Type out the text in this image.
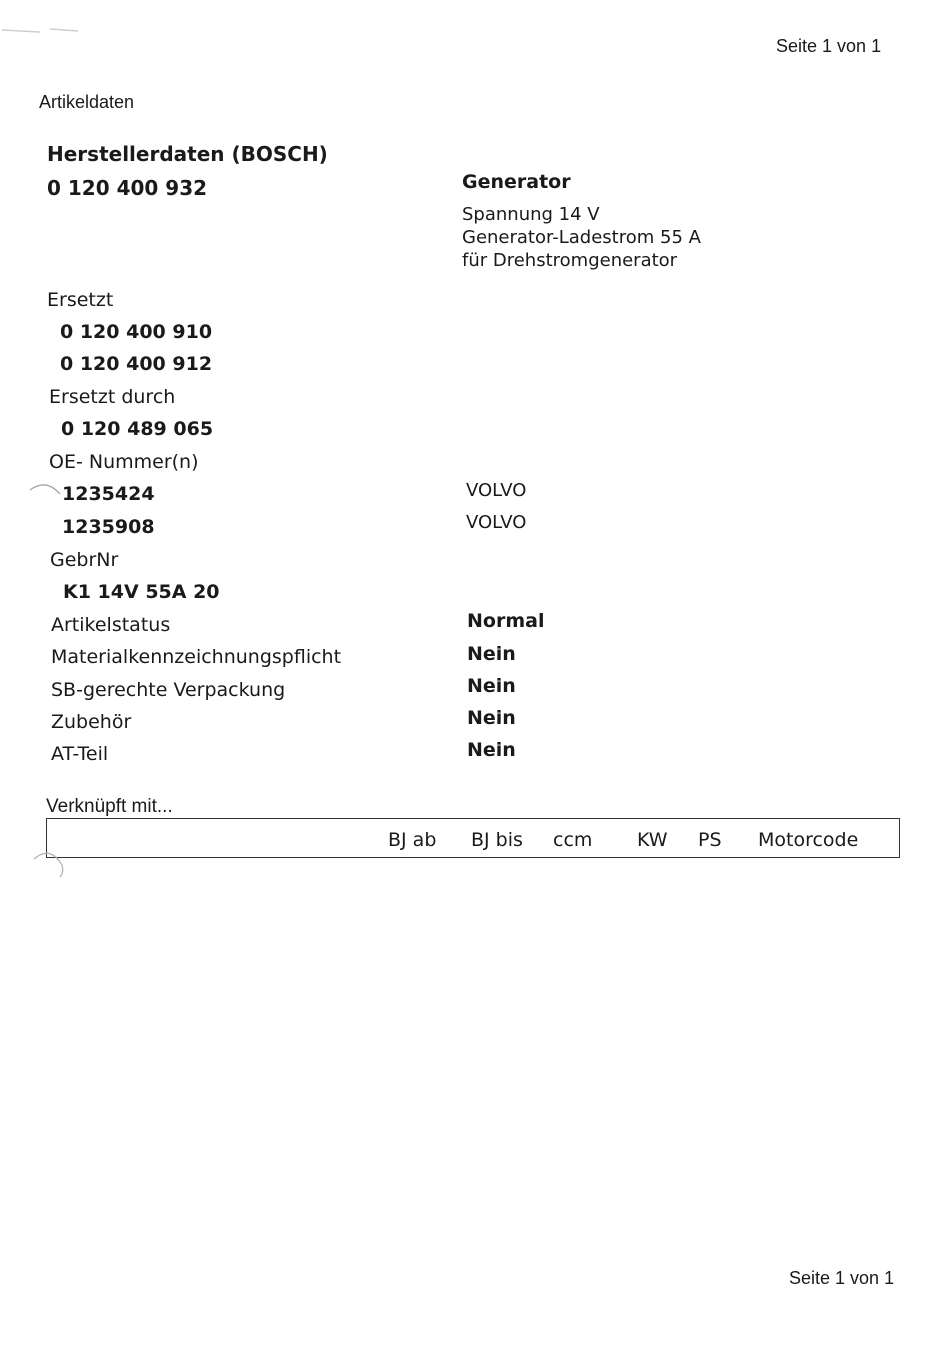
Seite 1 von 1
Seite 1 von 1
Artikeldaten
Herstellerdaten (BOSCH)
0 120 400 932	Generator
Spannung 14 V
Generator-Ladestrom 55 A
für Drehstromgenerator
Ersetzt
0 120 400 910
0 120 400 912
Ersetzt durch
0 120 489 065
OE- Nummer(n)
1235424	VOLVO
1235908	VOLVO
GebrNr
K1 14V 55A 20
Artikelstatus	Normal
Materialkennzeichnungspflicht	Nein
SB-gerechte Verpackung	Nein
Zubehör	Nein
AT-Teil	Nein
Verknüpft mit...
BJ ab BJ bis ccm KW PS Motorcode
